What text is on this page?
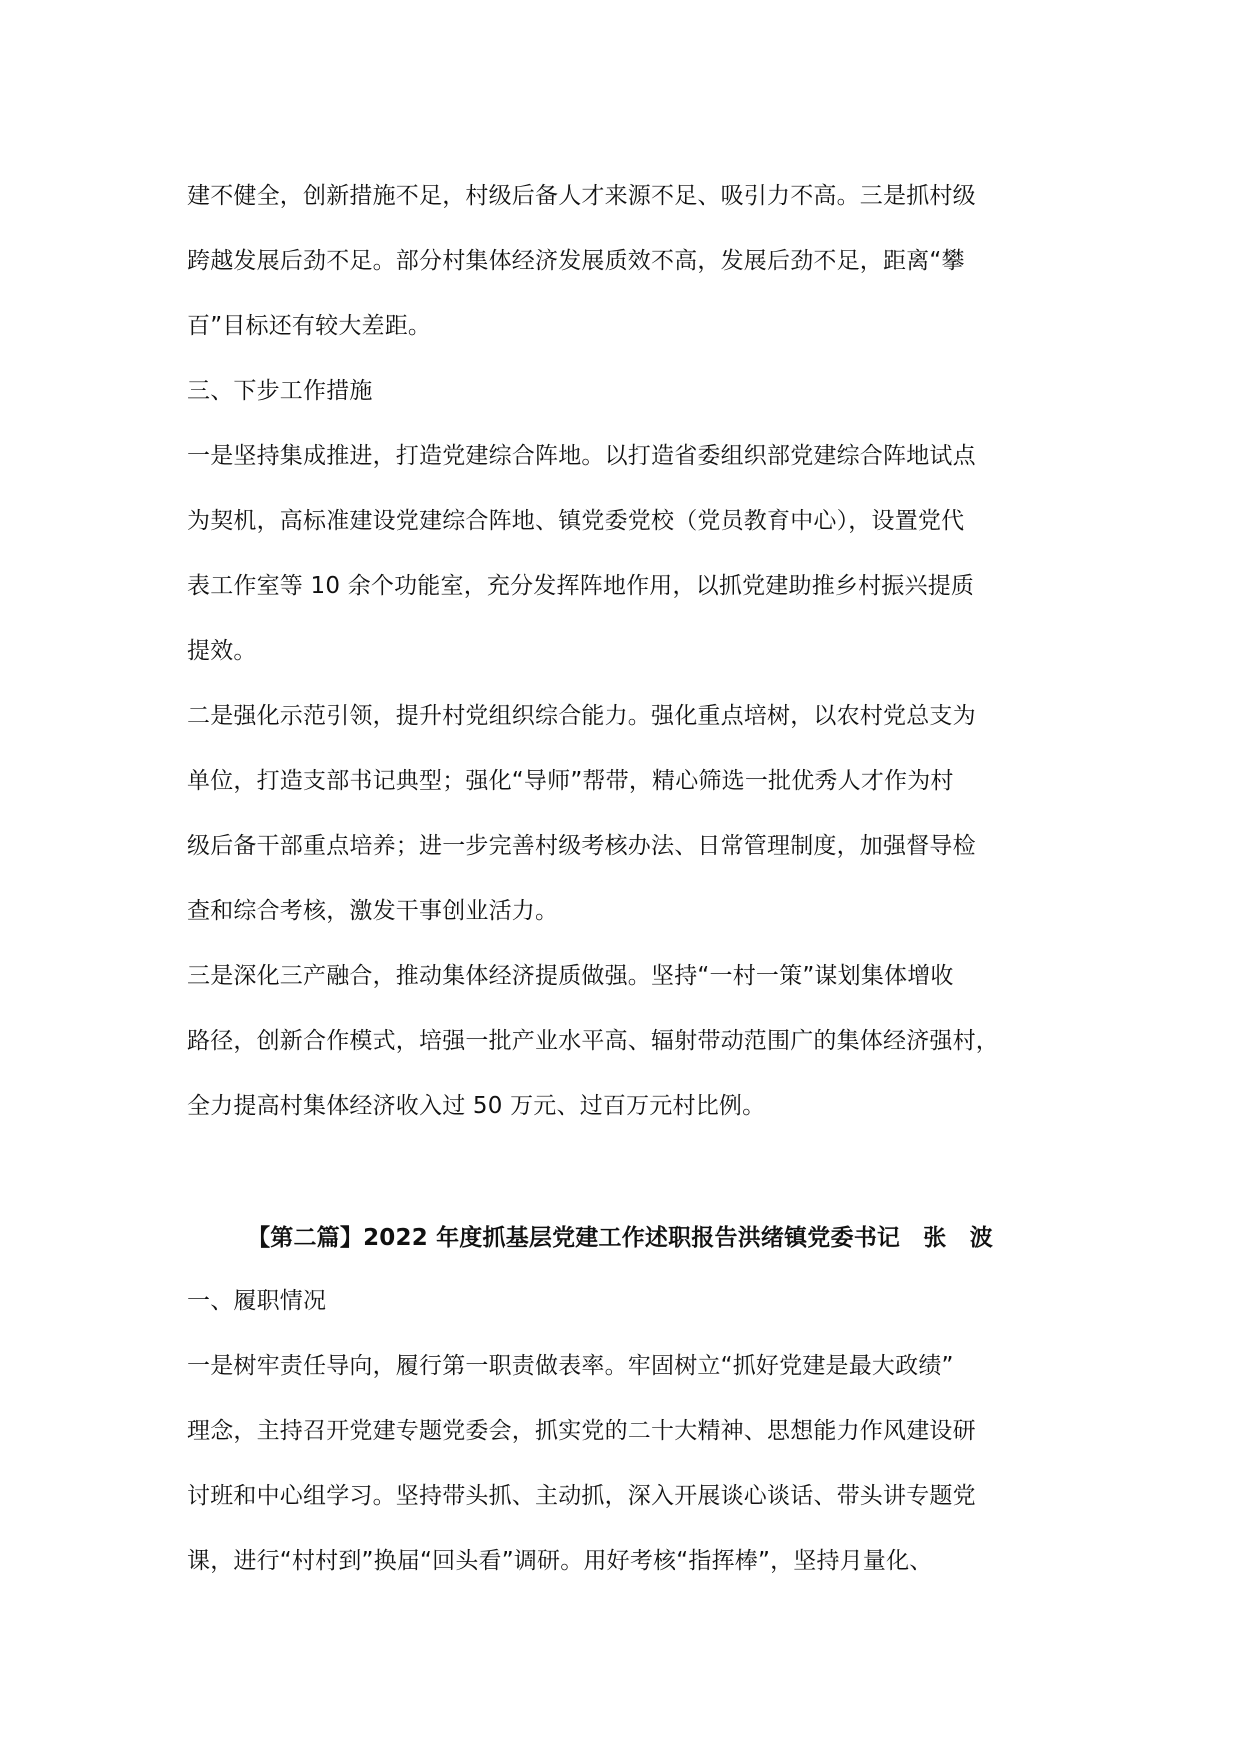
建不健全，创新措施不足，村级后备人才来源不足、吸引力不高。三是抓村级
跨越发展后劲不足。部分村集体经济发展质效不高，发展后劲不足，距离“攀
百”目标还有较大差距。
三、下步工作措施
一是坚持集成推进，打造党建综合阵地。以打造省委组织部党建综合阵地试点
为契机，高标准建设党建综合阵地、镇党委党校（党员教育中心），设置党代
表工作室等 10 余个功能室，充分发挥阵地作用，以抓党建助推乡村振兴提质
提效。
二是强化示范引领，提升村党组织综合能力。强化重点培树，以农村党总支为
单位，打造支部书记典型；强化“导师”帮带，精心筛选一批优秀人才作为村
级后备干部重点培养；进一步完善村级考核办法、日常管理制度，加强督导检
查和综合考核，激发干事创业活力。
三是深化三产融合，推动集体经济提质做强。坚持“一村一策”谋划集体增收
路径，创新合作模式，培强一批产业水平高、辐射带动范围广的集体经济强村，
全力提高村集体经济收入过 50 万元、过百万元村比例。
【第二篇】2022 年度抓基层党建工作述职报告洪绪镇党委书记　张　波
一、履职情况
一是树牢责任导向，履行第一职责做表率。牢固树立“抓好党建是最大政绩”
理念，主持召开党建专题党委会，抓实党的二十大精神、思想能力作风建设研
讨班和中心组学习。坚持带头抓、主动抓，深入开展谈心谈话、带头讲专题党
课，进行“村村到”换届“回头看”调研。用好考核“指挥棒”，坚持月量化、
